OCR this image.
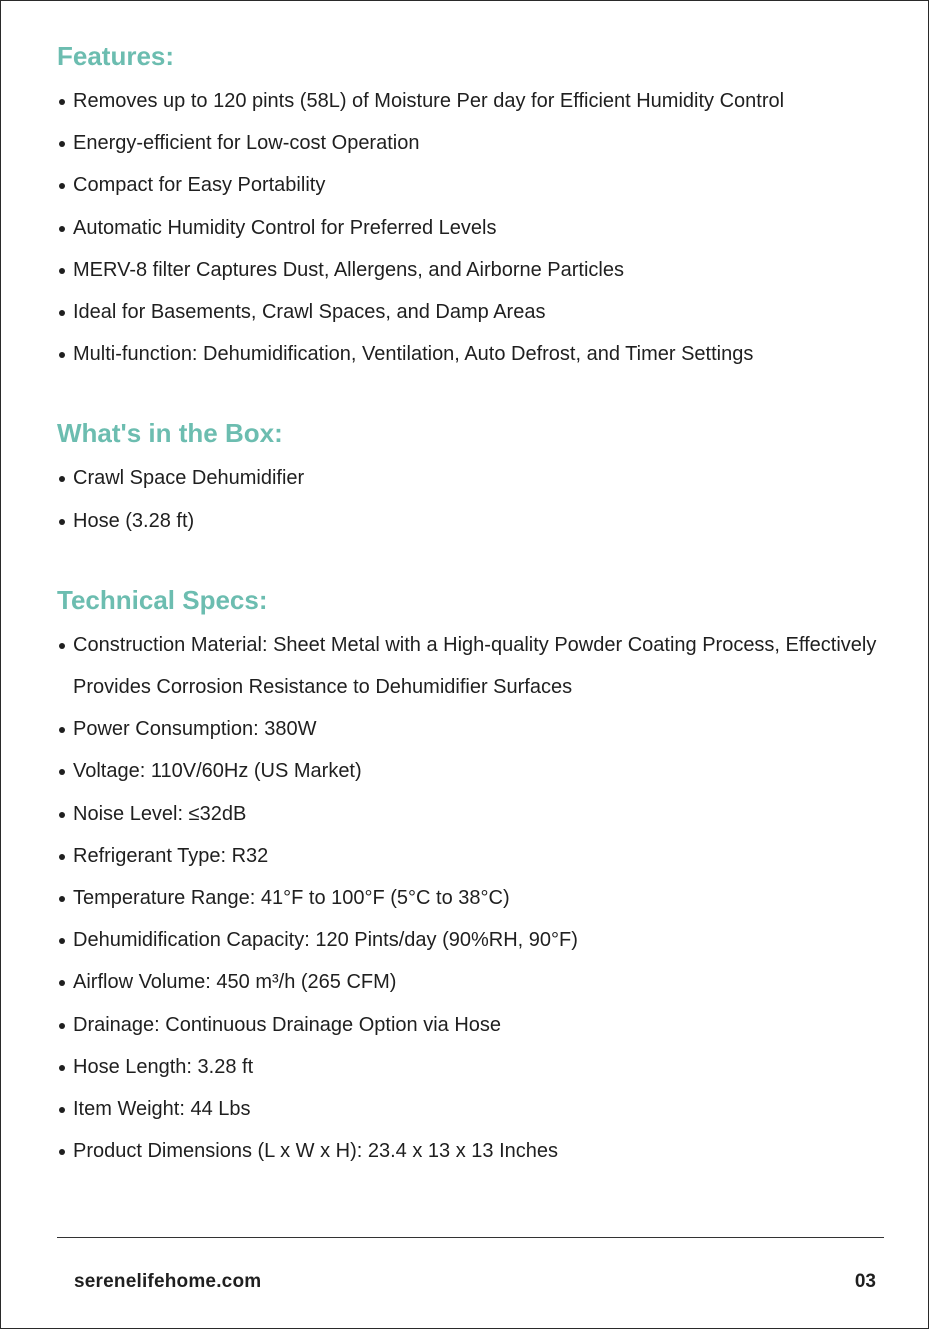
Features:
Removes up to 120 pints (58L) of Moisture Per day for Efficient Humidity Control
Energy-efficient for Low-cost Operation
Compact for Easy Portability
Automatic Humidity Control for Preferred Levels
MERV-8 filter Captures Dust, Allergens, and Airborne Particles
Ideal for Basements, Crawl Spaces, and Damp Areas
Multi-function: Dehumidification, Ventilation, Auto Defrost, and Timer Settings
What's in the Box:
Crawl Space Dehumidifier
Hose (3.28 ft)
Technical Specs:
Construction Material: Sheet Metal with a High-quality Powder Coating Process, Effectively Provides Corrosion Resistance to Dehumidifier Surfaces
Power Consumption: 380W
Voltage: 110V/60Hz (US Market)
Noise Level: ≤32dB
Refrigerant Type: R32
Temperature Range: 41°F to 100°F (5°C to 38°C)
Dehumidification Capacity: 120 Pints/day (90%RH, 90°F)
Airflow Volume: 450 m³/h (265 CFM)
Drainage: Continuous Drainage Option via Hose
Hose Length: 3.28 ft
Item Weight: 44 Lbs
Product Dimensions (L x W x H): 23.4 x 13 x 13 Inches
serenelifehome.com	03
